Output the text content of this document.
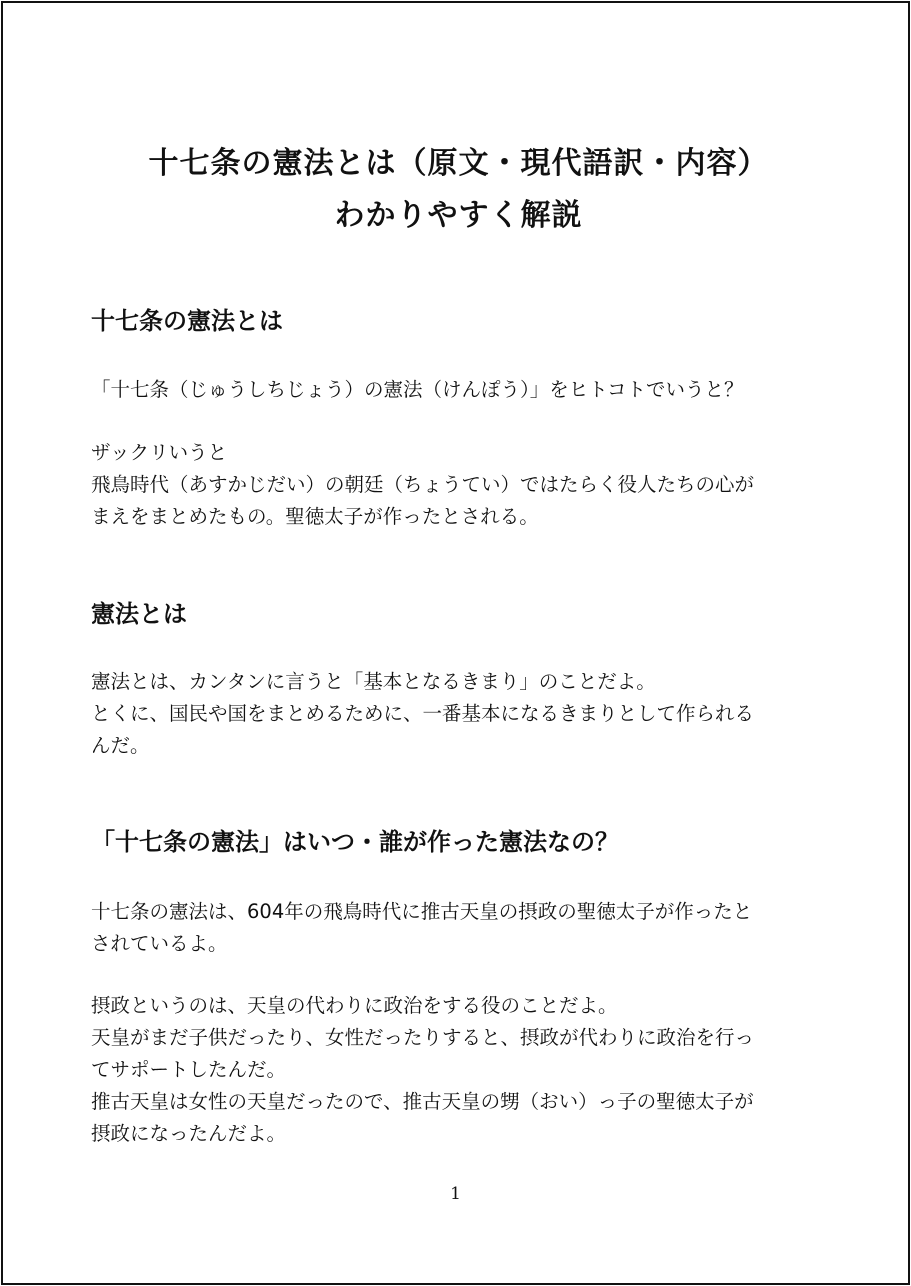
十七条の憲法とは（原文・現代語訳・内容）
わかりやすく解説
十七条の憲法とは
「十七条（じゅうしちじょう）の憲法（けんぽう）」をヒトコトでいうと？
ザックリいうと
飛鳥時代（あすかじだい）の朝廷（ちょうてい）ではたらく役人たちの心が
まえをまとめたもの。聖徳太子が作ったとされる。
憲法とは
憲法とは、カンタンに言うと「基本となるきまり」のことだよ。
とくに、国民や国をまとめるために、一番基本になるきまりとして作られる
んだ。
「十七条の憲法」はいつ・誰が作った憲法なの？
十七条の憲法は、604年の飛鳥時代に推古天皇の摂政の聖徳太子が作ったと
されているよ。
摂政というのは、天皇の代わりに政治をする役のことだよ。
天皇がまだ子供だったり、女性だったりすると、摂政が代わりに政治を行っ
てサポートしたんだ。
推古天皇は女性の天皇だったので、推古天皇の甥（おい）っ子の聖徳太子が
摂政になったんだよ。
1
